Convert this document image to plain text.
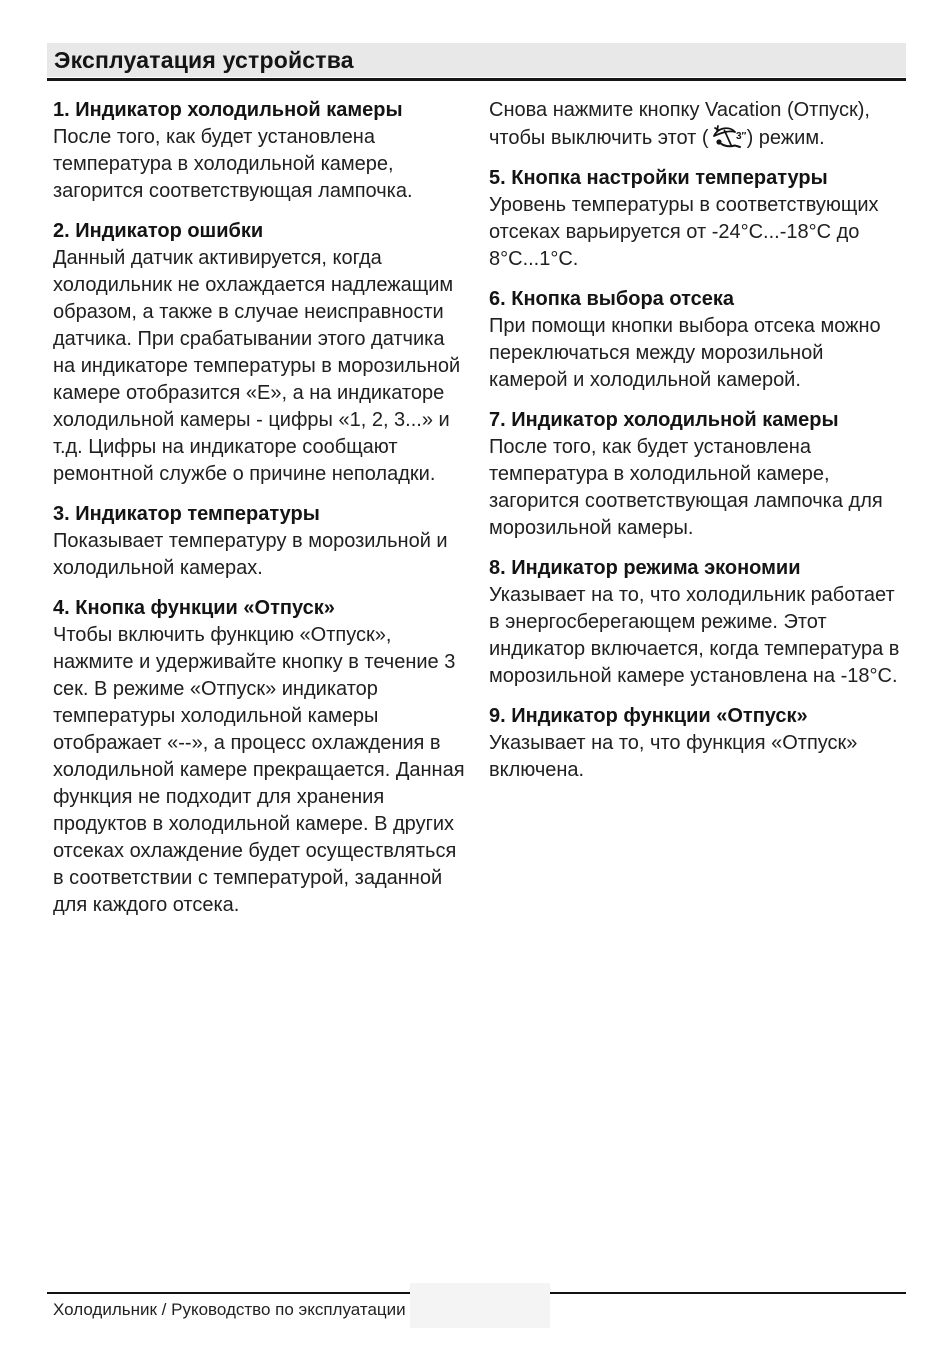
Эксплуатация устройства
1. Индикатор холодильной камеры

После того, как будет установлена температура в холодильной камере, загорится соответствующая лампочка.

2. Индикатор ошибки

Данный датчик активируется, когда холодильник не охлаждается надлежащим образом, а также в случае неисправности датчика. При срабатывании этого датчика на индикаторе температуры в морозильной камере отобразится «Е», а на индикаторе холодильной камеры - цифры «1, 2, 3...» и т.д. Цифры на индикаторе сообщают ремонтной службе о причине неполадки.

3. Индикатор температуры

Показывает температуру в морозильной и холодильной камерах.

4. Кнопка функции «Отпуск»

Чтобы включить функцию «Отпуск», нажмите и удерживайте кнопку в течение 3 сек. В режиме «Отпуск» индикатор температуры холодильной камеры отображает «--», а процесс охлаждения в холодильной камере прекращается. Данная функция не подходит для хранения продуктов в холодильной камере. В других отсеках охлаждение будет осуществляться в соответствии с температурой, заданной для каждого отсека.

Снова нажмите кнопку Vacation (Отпуск), чтобы выключить этот (	3″ ) режим.

5. Кнопка настройки температуры

Уровень температуры в соответствующих отсеках варьируется от -24°C...-18°C до 8°C...1°C.

6. Кнопка выбора отсека

При помощи кнопки выбора отсека можно переключаться между морозильной камерой и холодильной камерой.

7. Индикатор холодильной камеры

После того, как будет установлена температура в холодильной камере, загорится соответствующая лампочка для морозильной камеры.

8. Индикатор режима экономии

Указывает на то, что холодильник работает в энергосберегающем режиме. Этот индикатор включается, когда температура в морозильной камере установлена на -18°C.

9. Индикатор функции «Отпуск»

Указывает на то, что функция «Отпуск» включена.

Холодильник / Руководство по эксплуатации
